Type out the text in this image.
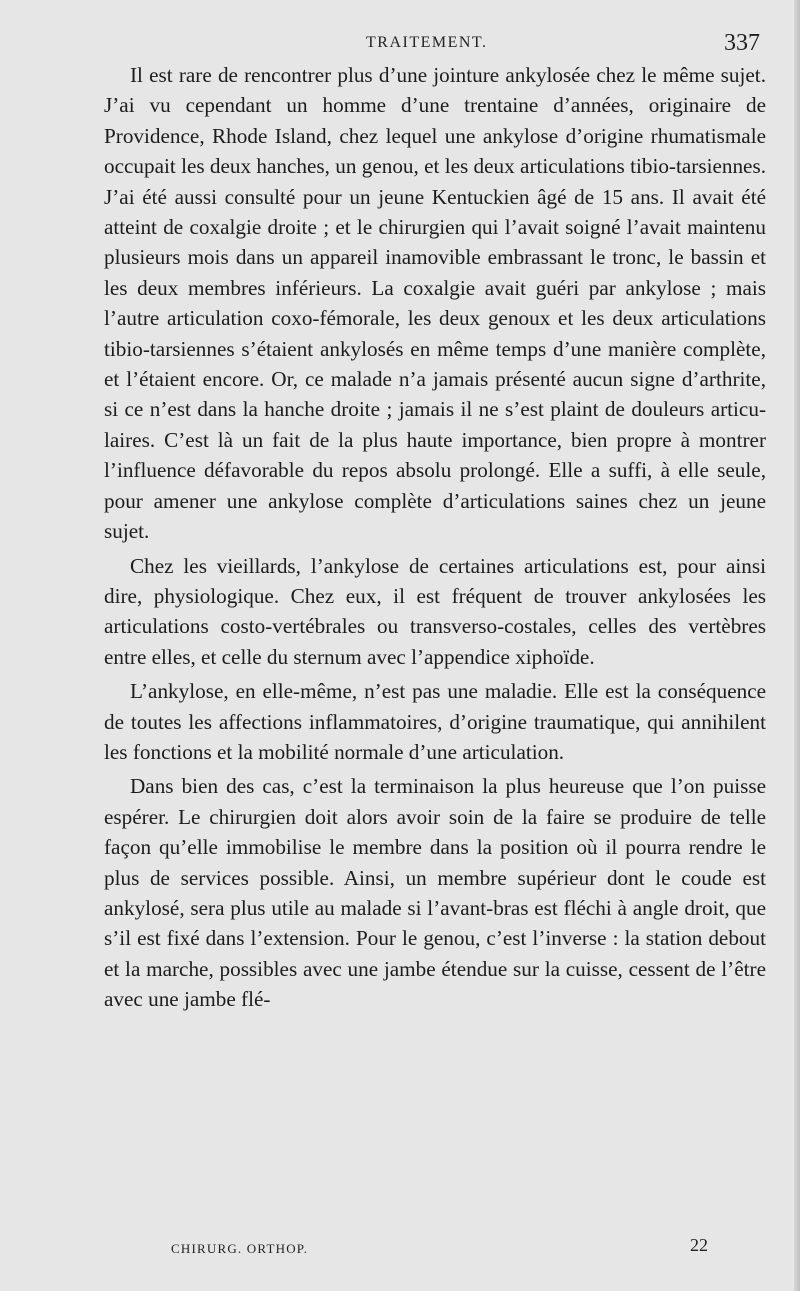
TRAITEMENT.	337

Il est rare de rencontrer plus d’une jointure ankylosée chez le même sujet. J’ai vu cependant un homme d’une trentaine d’années, originaire de Providence, Rhode Island, chez lequel une ankylose d’origine rhumatismale occupait les deux hanches, un genou, et les deux articulations tibio-tarsiennes. J’ai été aussi consulté pour un jeune Kentuckien âgé de 15 ans. Il avait été atteint de coxalgie droite ; et le chirurgien qui l’avait soigné l’avait maintenu plusieurs mois dans un appareil inamovible embrassant le tronc, le bassin et les deux membres inférieurs. La coxalgie avait guéri par ankylose ; mais l’autre articulation coxo-fémorale, les deux genoux et les deux articulations tibio-tarsiennes s’étaient ankylosés en même temps d’une manière complète, et l’étaient encore. Or, ce malade n’a jamais présenté aucun signe d’arthrite, si ce n’est dans la hanche droite ; jamais il ne s’est plaint de douleurs articulaires. C’est là un fait de la plus haute importance, bien propre à montrer l’influence défavorable du repos absolu prolongé. Elle a suffi, à elle seule, pour amener une ankylose complète d’articulations saines chez un jeune sujet.

Chez les vieillards, l’ankylose de certaines articulations est, pour ainsi dire, physiologique. Chez eux, il est fréquent de trouver ankylosées les articulations costo-vertébrales ou transverso-costales, celles des vertèbres entre elles, et celle du sternum avec l’appendice xiphoïde.

L’ankylose, en elle-même, n’est pas une maladie. Elle est la conséquence de toutes les affections inflammatoires, d’origine traumatique, qui annihilent les fonctions et la mobilité normale d’une articulation.

Dans bien des cas, c’est la terminaison la plus heureuse que l’on puisse espérer. Le chirurgien doit alors avoir soin de la faire se produire de telle façon qu’elle immobilise le membre dans la position où il pourra rendre le plus de services possible. Ainsi, un membre supérieur dont le coude est ankylosé, sera plus utile au malade si l’avant-bras est fléchi à angle droit, que s’il est fixé dans l’extension. Pour le genou, c’est l’inverse : la station debout et la marche, possibles avec une jambe étendue sur la cuisse, cessent de l’être avec une jambe flé-

CHIRURG. ORTHOP.	22
